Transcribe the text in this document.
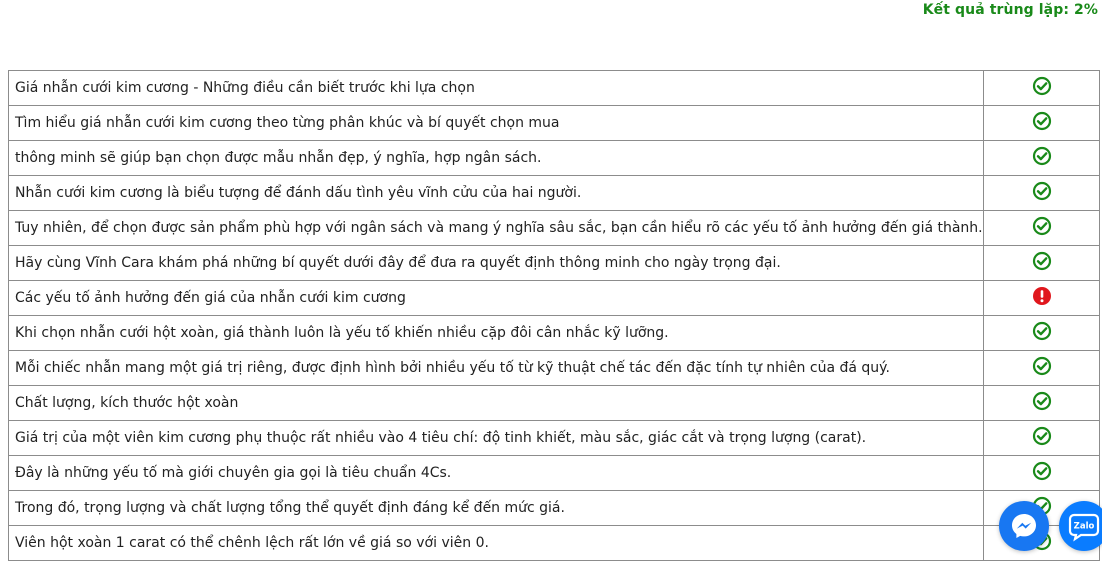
Kết quả trùng lặp: 2%
Giá nhẫn cưới kim cương - Những điều cần biết trước khi lựa chọn

Tìm hiểu giá nhẫn cưới kim cương theo từng phân khúc và bí quyết chọn mua

thông minh sẽ giúp bạn chọn được mẫu nhẫn đẹp, ý nghĩa, hợp ngân sách.

Nhẫn cưới kim cương là biểu tượng để đánh dấu tình yêu vĩnh cửu của hai người.

Tuy nhiên, để chọn được sản phẩm phù hợp với ngân sách và mang ý nghĩa sâu sắc, bạn cần hiểu rõ các yếu tố ảnh hưởng đến giá thành.

Hãy cùng Vĩnh Cara khám phá những bí quyết dưới đây để đưa ra quyết định thông minh cho ngày trọng đại.

Các yếu tố ảnh hưởng đến giá của nhẫn cưới kim cương

Khi chọn nhẫn cưới hột xoàn, giá thành luôn là yếu tố khiến nhiều cặp đôi cân nhắc kỹ lưỡng.

Mỗi chiếc nhẫn mang một giá trị riêng, được định hình bởi nhiều yếu tố từ kỹ thuật chế tác đến đặc tính tự nhiên của đá quý.

Chất lượng, kích thước hột xoàn

Giá trị của một viên kim cương phụ thuộc rất nhiều vào 4 tiêu chí: độ tinh khiết, màu sắc, giác cắt và trọng lượng (carat).

Đây là những yếu tố mà giới chuyên gia gọi là tiêu chuẩn 4Cs.

Trong đó, trọng lượng và chất lượng tổng thể quyết định đáng kể đến mức giá.

Viên hột xoàn 1 carat có thể chênh lệch rất lớn về giá so với viên 0.

Zalo
